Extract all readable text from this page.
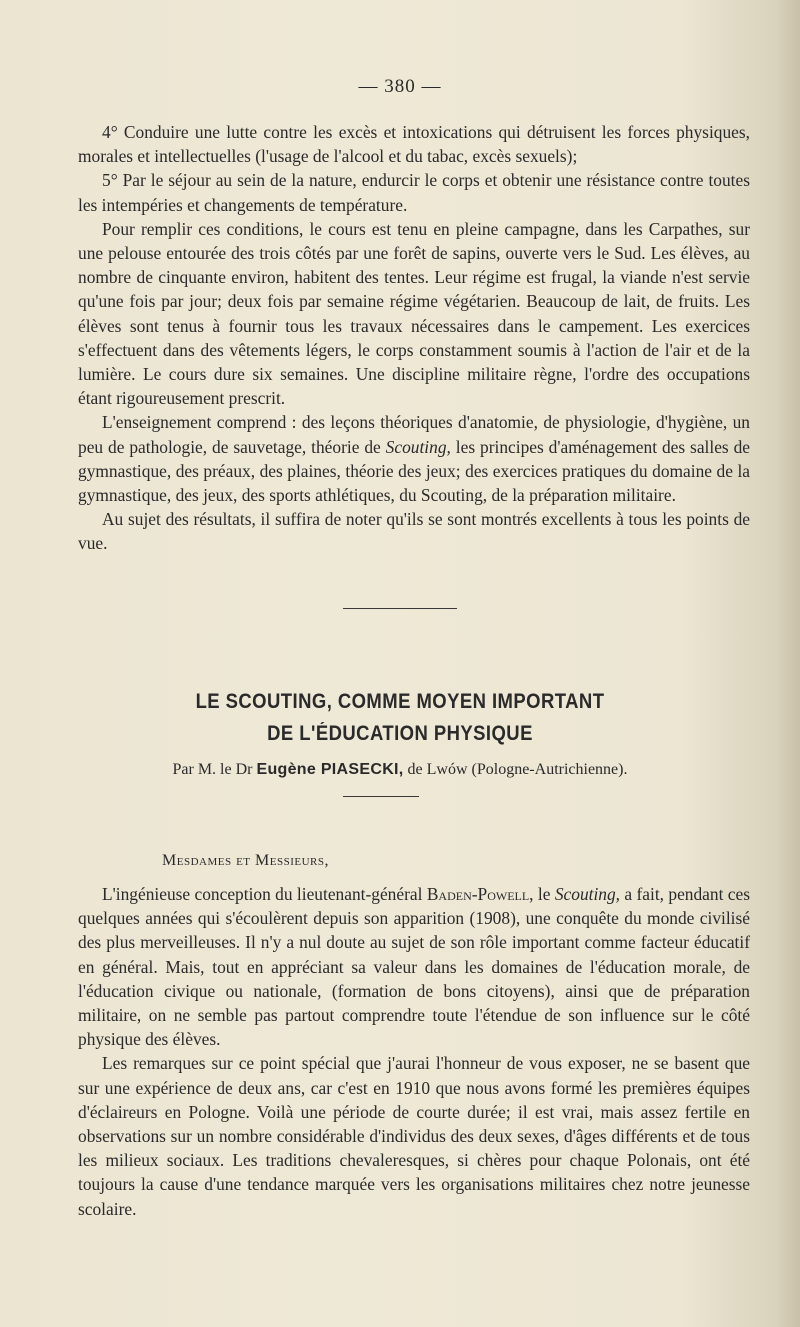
— 380 —

4° Conduire une lutte contre les excès et intoxications qui détruisent les forces physiques, morales et intellectuelles (l'usage de l'alcool et du tabac, excès sexuels);

5° Par le séjour au sein de la nature, endurcir le corps et obtenir une résistance contre toutes les intempéries et changements de température.

Pour remplir ces conditions, le cours est tenu en pleine campagne, dans les Carpathes, sur une pelouse entourée des trois côtés par une forêt de sapins, ouverte vers le Sud. Les élèves, au nombre de cinquante environ, habitent des tentes. Leur régime est frugal, la viande n'est servie qu'une fois par jour; deux fois par semaine régime végétarien. Beaucoup de lait, de fruits. Les élèves sont tenus à fournir tous les travaux nécessaires dans le campement. Les exercices s'effectuent dans des vêtements légers, le corps constamment soumis à l'action de l'air et de la lumière. Le cours dure six semaines. Une discipline militaire règne, l'ordre des occupations étant rigoureusement prescrit.

L'enseignement comprend : des leçons théoriques d'anatomie, de physiologie, d'hygiène, un peu de pathologie, de sauvetage, théorie de Scouting, les principes d'aménagement des salles de gymnastique, des préaux, des plaines, théorie des jeux; des exercices pratiques du domaine de la gymnastique, des jeux, des sports athlétiques, du Scouting, de la préparation militaire.

Au sujet des résultats, il suffira de noter qu'ils se sont montrés excellents à tous les points de vue.

LE SCOUTING, COMME MOYEN IMPORTANT
DE L'ÉDUCATION PHYSIQUE
Par M. le Dr Eugène PIASECKI, de Lwów (Pologne-Autrichienne).
Mesdames et Messieurs,

L'ingénieuse conception du lieutenant-général Baden-Powell, le Scouting, a fait, pendant ces quelques années qui s'écoulèrent depuis son apparition (1908), une conquête du monde civilisé des plus merveilleuses. Il n'y a nul doute au sujet de son rôle important comme facteur éducatif en général. Mais, tout en appréciant sa valeur dans les domaines de l'éducation morale, de l'éducation civique ou nationale, (formation de bons citoyens), ainsi que de préparation militaire, on ne semble pas partout comprendre toute l'étendue de son influence sur le côté physique des élèves.

Les remarques sur ce point spécial que j'aurai l'honneur de vous exposer, ne se basent que sur une expérience de deux ans, car c'est en 1910 que nous avons formé les premières équipes d'éclaireurs en Pologne. Voilà une période de courte durée; il est vrai, mais assez fertile en observations sur un nombre considérable d'individus des deux sexes, d'âges différents et de tous les milieux sociaux. Les traditions chevaleresques, si chères pour chaque Polonais, ont été toujours la cause d'une tendance marquée vers les organisations militaires chez notre jeunesse scolaire.
